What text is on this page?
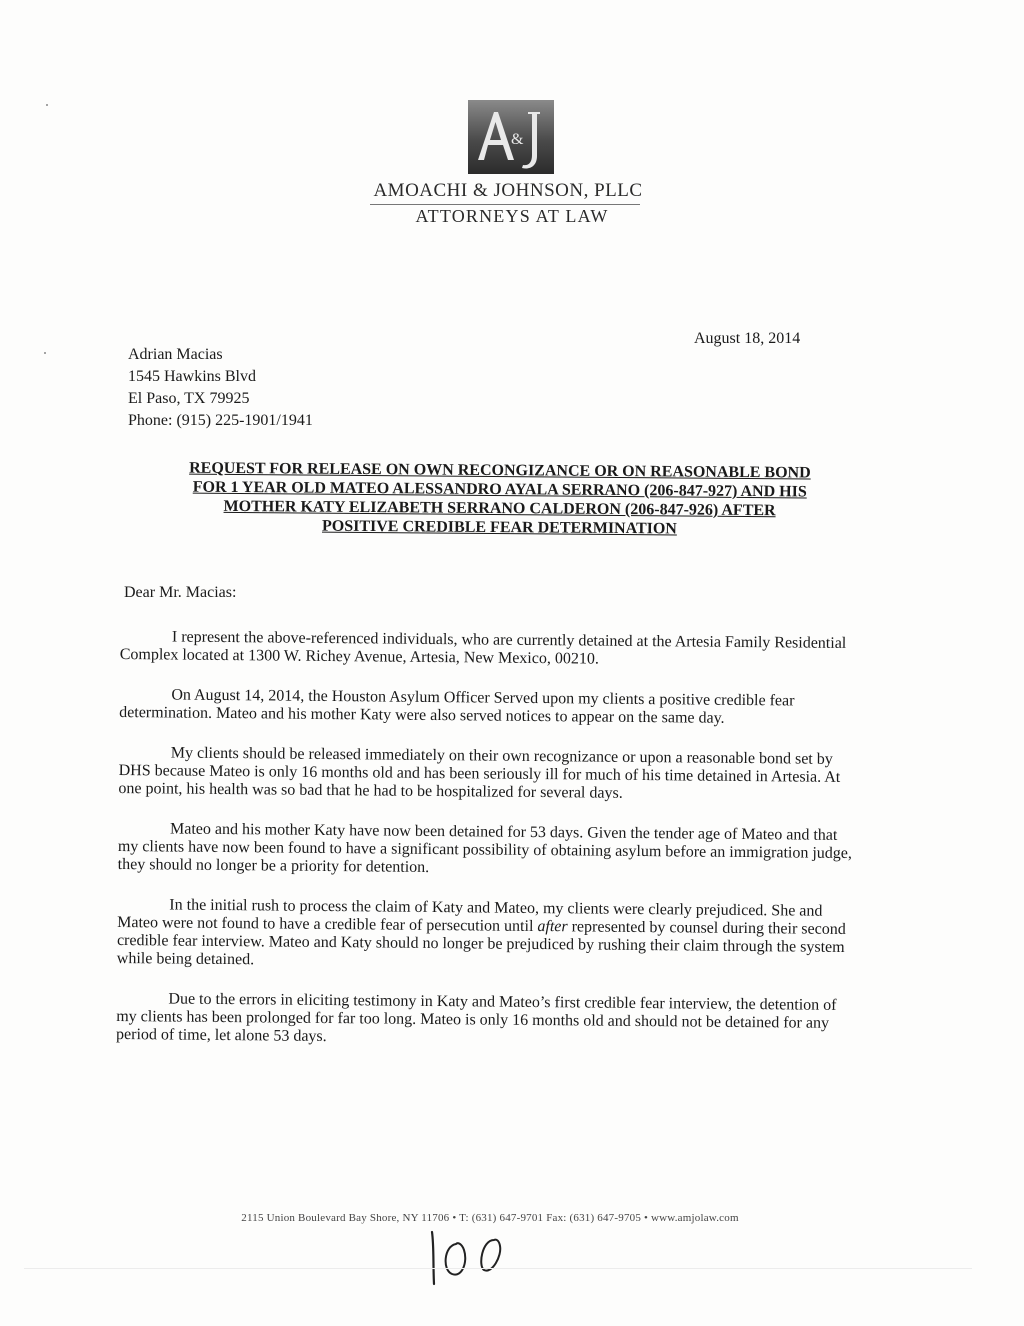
&
AMOACHI & JOHNSON, PLLC
ATTORNEYS AT LAW
August 18, 2014
Adrian Macias
1545 Hawkins Blvd
El Paso, TX 79925
Phone: (915) 225-1901/1941
REQUEST FOR RELEASE ON OWN RECONGIZANCE OR ON REASONABLE BOND
FOR 1 YEAR OLD MATEO ALESSANDRO AYALA SERRANO (206-847-927) AND HIS
MOTHER KATY ELIZABETH SERRANO CALDERON (206-847-926) AFTER
POSITIVE CREDIBLE FEAR DETERMINATION
Dear Mr. Macias:

I represent the above-referenced individuals, who are currently detained at the Artesia Family Residential Complex located at 1300 W. Richey Avenue, Artesia, New Mexico, 00210.

On August 14, 2014, the Houston Asylum Officer Served upon my clients a positive credible fear determination. Mateo and his mother Katy were also served notices to appear on the same day.

My clients should be released immediately on their own recognizance or upon a reasonable bond set by DHS because Mateo is only 16 months old and has been seriously ill for much of his time detained in Artesia. At one point, his health was so bad that he had to be hospitalized for several days.

Mateo and his mother Katy have now been detained for 53 days. Given the tender age of Mateo and that my clients have now been found to have a significant possibility of obtaining asylum before an immigration judge, they should no longer be a priority for detention.

In the initial rush to process the claim of Katy and Mateo, my clients were clearly prejudiced. She and Mateo were not found to have a credible fear of persecution until after represented by counsel during their second credible fear interview. Mateo and Katy should no longer be prejudiced by rushing their claim through the system while being detained.

Due to the errors in eliciting testimony in Katy and Mateo’s first credible fear interview, the detention of my clients has been prolonged for far too long. Mateo is only 16 months old and should not be detained for any period of time, let alone 53 days.

2115 Union Boulevard Bay Shore, NY 11706 • T: (631) 647-9701 Fax: (631) 647-9705 • www.amjolaw.com
